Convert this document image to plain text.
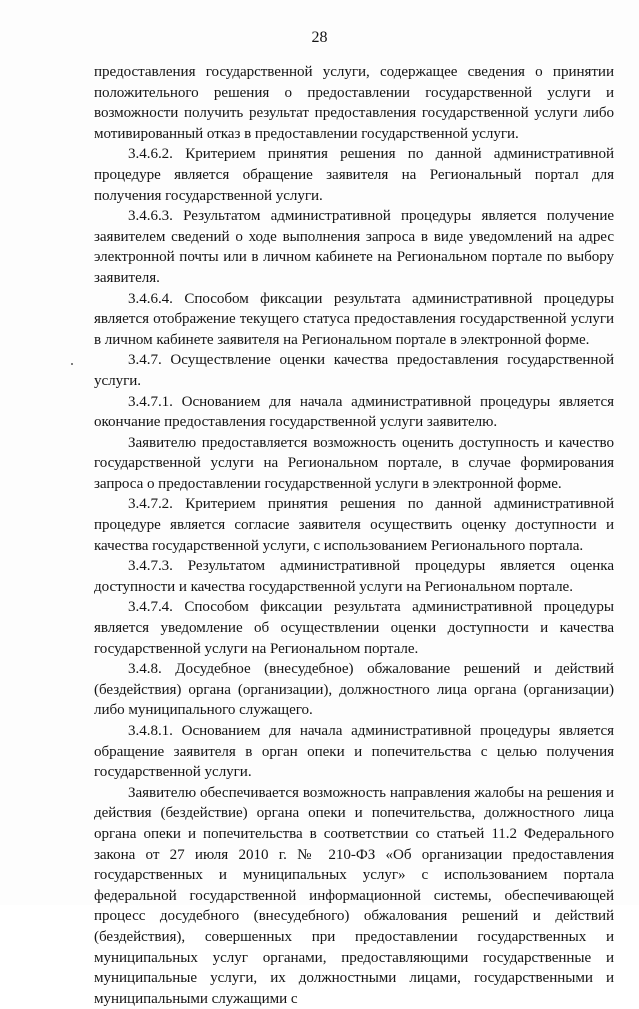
28

предоставления государственной услуги, содержащее сведения о принятии положительного решения о предоставлении государственной услуги и возможности получить результат предоставления государственной услуги либо мотивированный отказ в предоставлении государственной услуги.

3.4.6.2. Критерием принятия решения по данной административной процедуре является обращение заявителя на Региональный портал для получения государственной услуги.

3.4.6.3. Результатом административной процедуры является получение заявителем сведений о ходе выполнения запроса в виде уведомлений на адрес электронной почты или в личном кабинете на Региональном портале по выбору заявителя.

3.4.6.4. Способом фиксации результата административной процедуры является отображение текущего статуса предоставления государственной услуги в личном кабинете заявителя на Региональном портале в электронной форме.

3.4.7. Осуществление оценки качества предоставления государственной услуги.

3.4.7.1. Основанием для начала административной процедуры является окончание предоставления государственной услуги заявителю.

Заявителю предоставляется возможность оценить доступность и качество государственной услуги на Региональном портале, в случае формирования запроса о предоставлении государственной услуги в электронной форме.

3.4.7.2. Критерием принятия решения по данной административной процедуре является согласие заявителя осуществить оценку доступности и качества государственной услуги, с использованием Регионального портала.

3.4.7.3. Результатом административной процедуры является оценка доступности и качества государственной услуги на Региональном портале.

3.4.7.4. Способом фиксации результата административной процедуры является уведомление об осуществлении оценки доступности и качества государственной услуги на Региональном портале.

3.4.8. Досудебное (внесудебное) обжалование решений и действий (бездействия) органа (организации), должностного лица органа (организации) либо муниципального служащего.

3.4.8.1. Основанием для начала административной процедуры является обращение заявителя в орган опеки и попечительства с целью получения государственной услуги.

Заявителю обеспечивается возможность направления жалобы на решения и действия (бездействие) органа опеки и попечительства, должностного лица органа опеки и попечительства в соответствии со статьей 11.2 Федерального закона от 27 июля 2010 г. № 210-ФЗ «Об организации предоставления государственных и муниципальных услуг» с использованием портала федеральной государственной информационной системы, обеспечивающей процесс досудебного (внесудебного) обжалования решений и действий (бездействия), совершенных при предоставлении государственных и муниципальных услуг органами, предоставляющими государственные и муниципальные услуги, их должностными лицами, государственными и муниципальными служащими с
